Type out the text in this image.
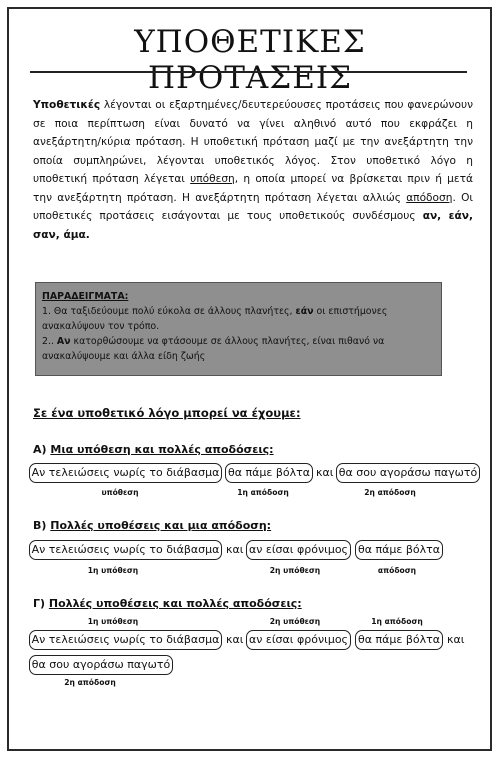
ΥΠΟΘΕΤΙΚΕΣ ΠΡΟΤΑΣΕΙΣ

Υποθετικές λέγονται οι εξαρτημένες/δευτερεύουσες προτάσεις που φανερώνουν σε ποια περίπτωση είναι δυνατό να γίνει αληθινό αυτό που εκφράζει η ανεξάρτητη/κύρια πρόταση. Η υποθετική πρόταση μαζί με την ανεξάρτητη την οποία συμπληρώνει, λέγονται υποθετικός λόγος. Στον υποθετικό λόγο η υποθετική πρόταση λέγεται υπόθεση, η οποία μπορεί να βρίσκεται πριν ή μετά την ανεξάρτητη πρόταση. Η ανεξάρτητη πρόταση λέγεται αλλιώς απόδοση. Οι υποθετικές προτάσεις εισάγονται με τους υποθετικούς συνδέσμους αν, εάν, σαν, άμα.

ΠΑΡΑΔΕΙΓΜΑΤΑ:
1. Θα ταξιδεύουμε πολύ εύκολα σε άλλους πλανήτες, εάν οι επιστήμονες ανακαλύψουν τον τρόπο.
2.. Αν κατορθώσουμε να φτάσουμε σε άλλους πλανήτες, είναι πιθανό να ανακαλύψουμε και άλλα είδη ζωής
Σε ένα υποθετικό λόγο μπορεί να έχουμε:
Α) Μια υπόθεση και πολλές αποδόσεις:
Αν τελειώσεις νωρίς το διάβασμα θα πάμε βόλτα και θα σου αγοράσω παγωτό
υπόθεση	1η απόδοση	2η απόδοση
Β) Πολλές υποθέσεις και μια απόδοση:
Αν τελειώσεις νωρίς το διάβασμα και αν είσαι φρόνιμος θα πάμε βόλτα
1η υπόθεση	2η υπόθεση	απόδοση
Γ) Πολλές υποθέσεις και πολλές αποδόσεις:
1η υπόθεση	2η υπόθεση	1η απόδοση
Αν τελειώσεις νωρίς το διάβασμα και αν είσαι φρόνιμος θα πάμε βόλτα και
θα σου αγοράσω παγωτό
2η απόδοση
